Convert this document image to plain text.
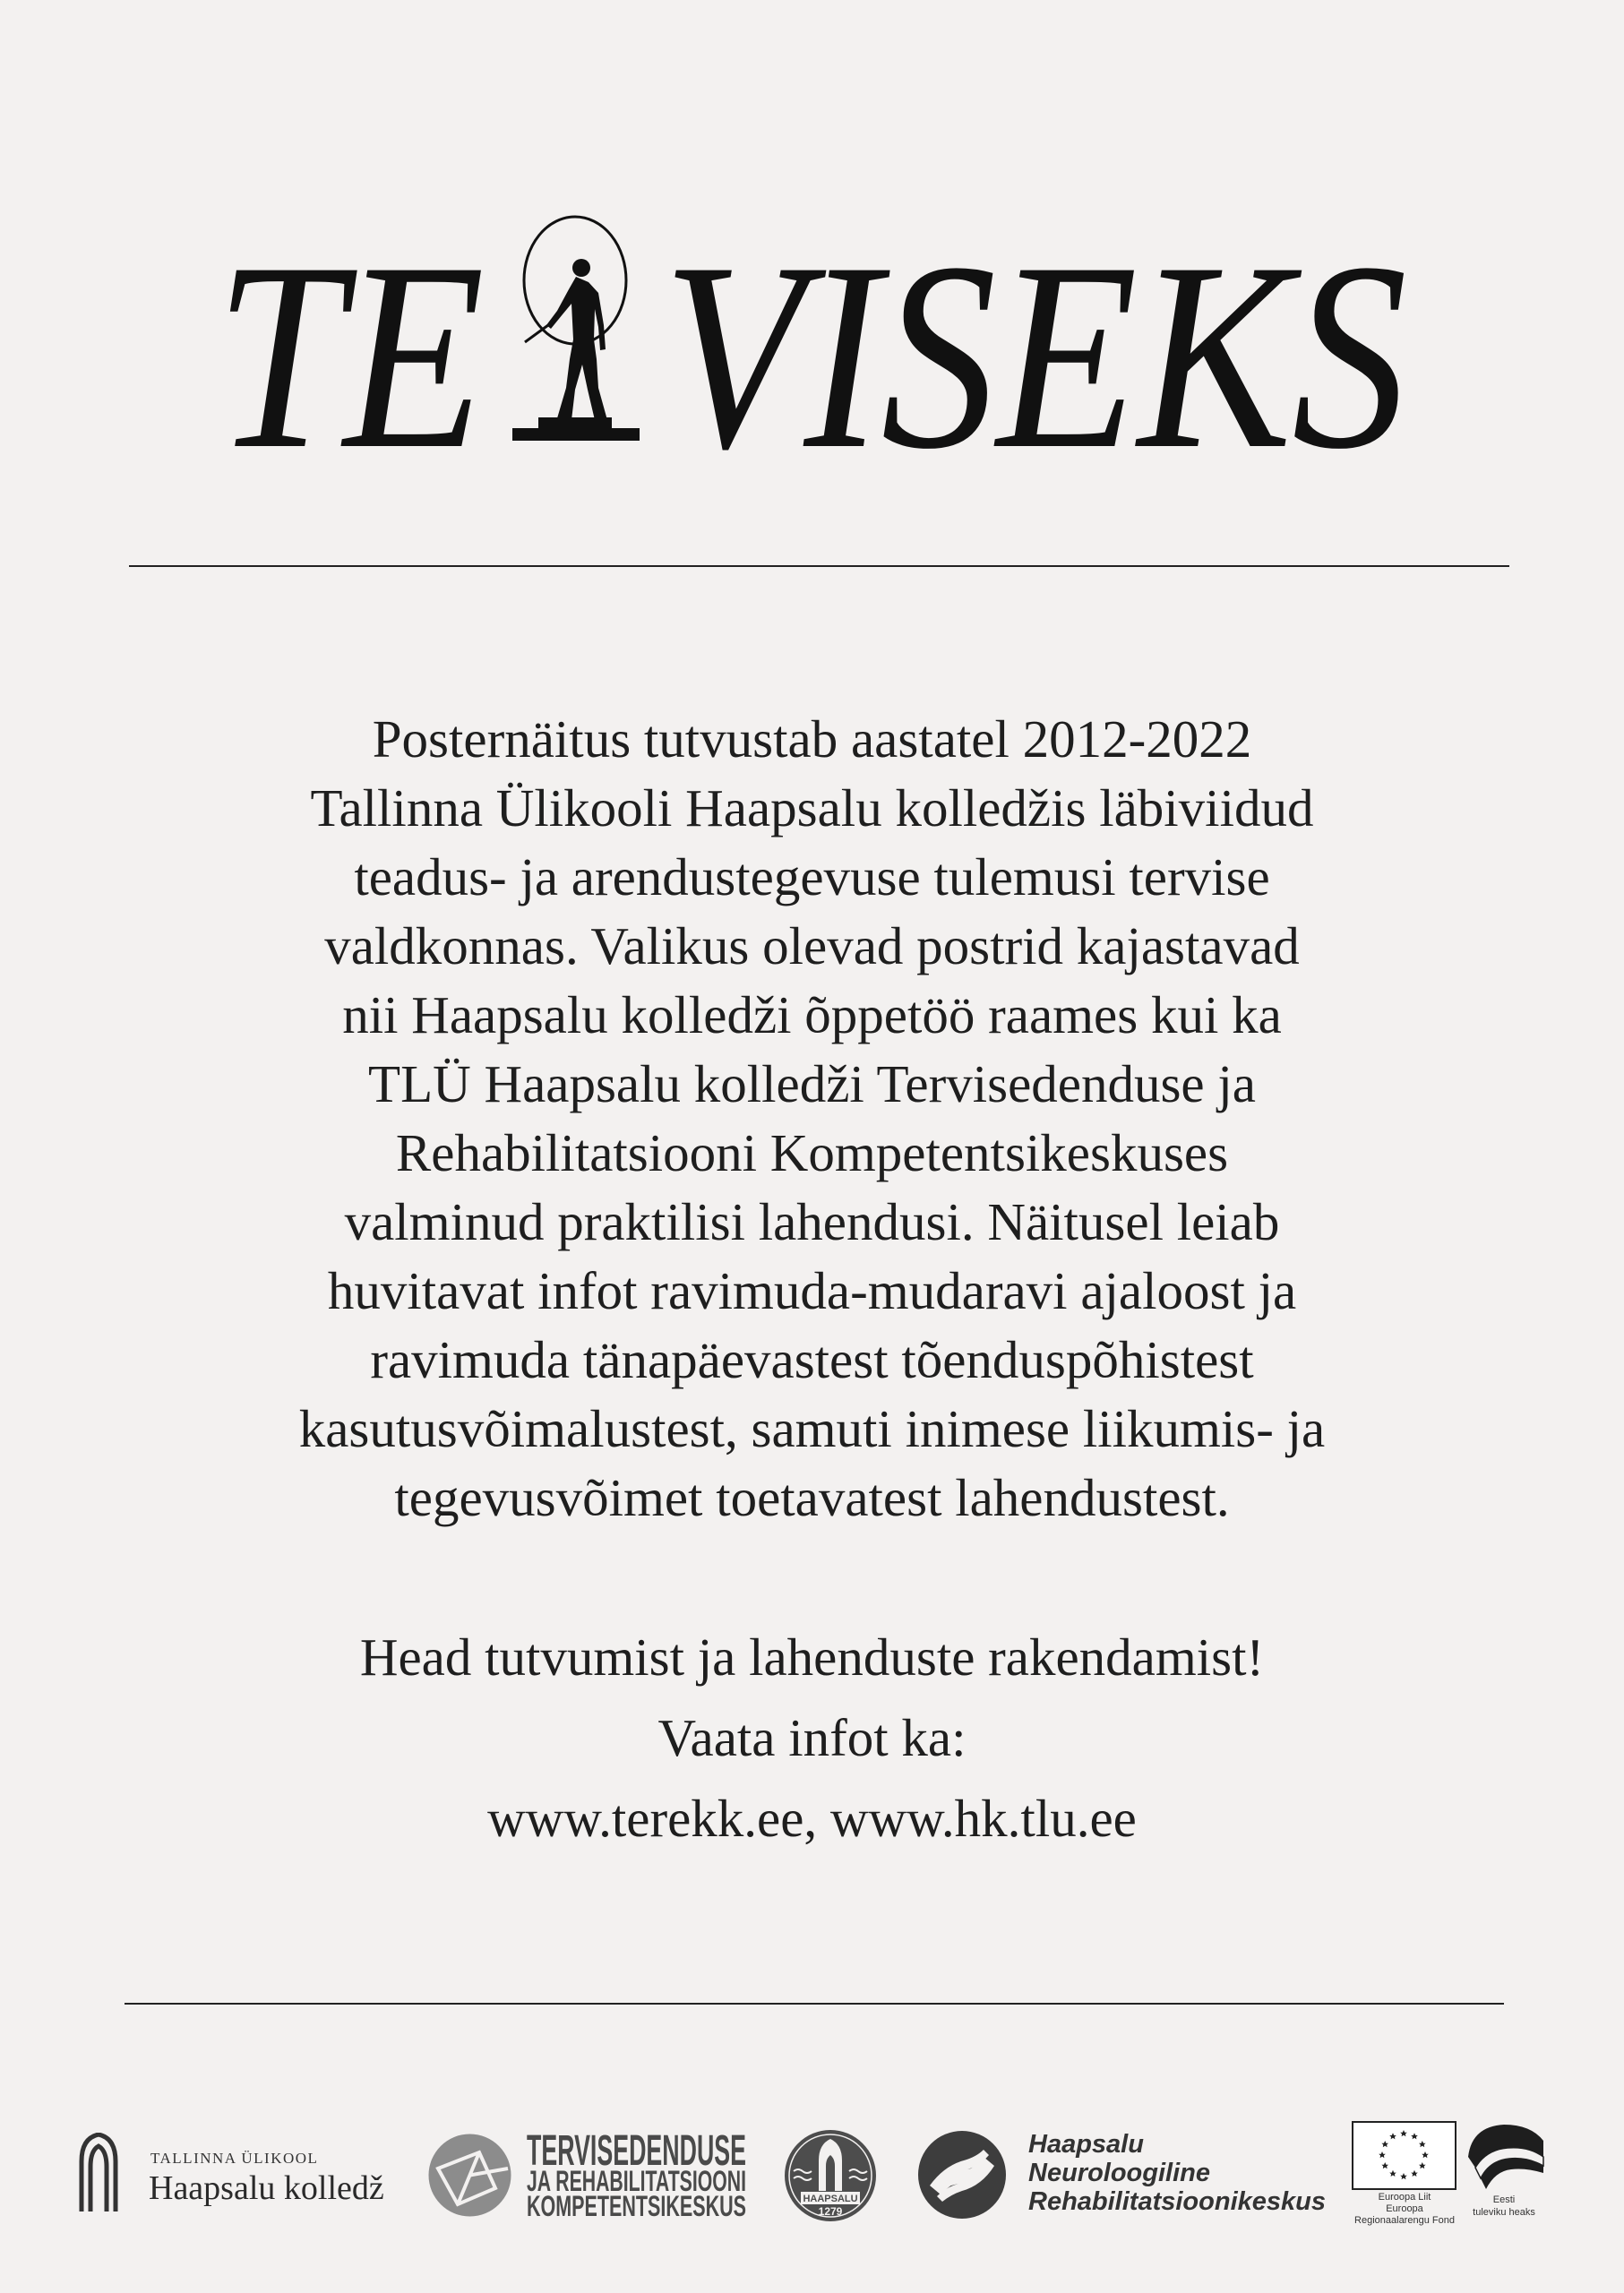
TE VISEKS
Posternäitus tutvustab aastatel 2012-2022
Tallinna Ülikooli Haapsalu kolledžis läbiviidud
teadus- ja arendustegevuse tulemusi tervise
valdkonnas. Valikus olevad postrid kajastavad
nii Haapsalu kolledži õppetöö raames kui ka
TLÜ Haapsalu kolledži Tervisedenduse ja
Rehabilitatsiooni Kompetentsikeskuses
valminud praktilisi lahendusi. Näitusel leiab
huvitavat infot ravimuda-mudaravi ajaloost ja
ravimuda tänapäevastest tõenduspõhistest
kasutusvõimalustest, samuti inimese liikumis- ja
tegevusvõimet toetavatest lahendustest.
Head tutvumist ja lahenduste rakendamist!
Vaata infot ka:
www.terekk.ee, www.hk.tlu.ee
TALLINNA ÜLIKOOL
Haapsalu kolledž
TERVISEDENDUSE
JA REHABILITATSIOONI
KOMPETENTSIKESKUS	HAAPSALU
1279
Haapsalu
Neuroloogiline
Rehabilitatsioonikeskus	Euroopa Liit
Euroopa
Regionaalarengu Fond
Eesti
tuleviku heaks
